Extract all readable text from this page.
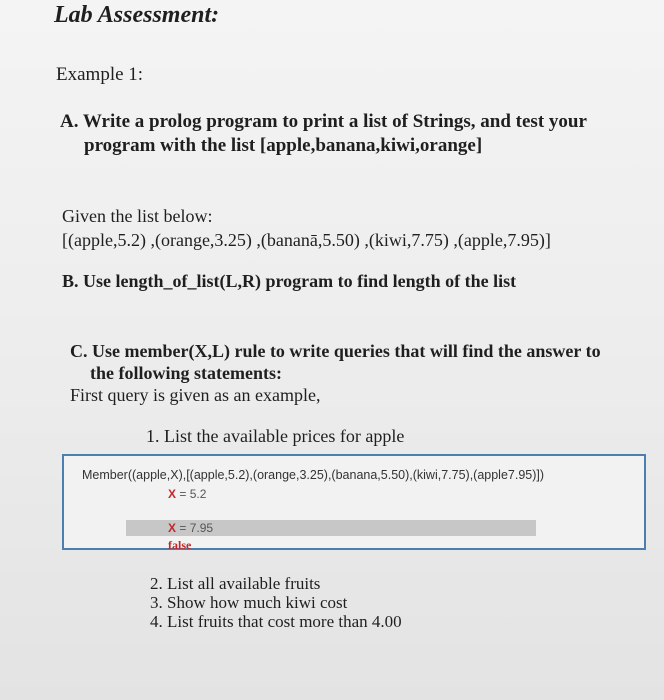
Lab Assessment:
Example 1:
A. Write a prolog program to print a list of Strings, and test your
program with the list [apple,banana,kiwi,orange]
Given the list below:
[(apple,5.2) ,(orange,3.25) ,(bananā,5.50) ,(kiwi,7.75) ,(apple,7.95)]
B. Use length_of_list(L,R) program to find length of the list
C. Use member(X,L) rule to write queries that will find the answer to
the following statements:
First query is given as an example,
1. List the available prices for apple
Member((apple,X),[(apple,5.2),(orange,3.25),(banana,5.50),(kiwi,7.75),(apple7.95)])
X = 5.2
X = 7.95
false
2. List all available fruits
3. Show how much kiwi cost
4. List fruits that cost more than 4.00
